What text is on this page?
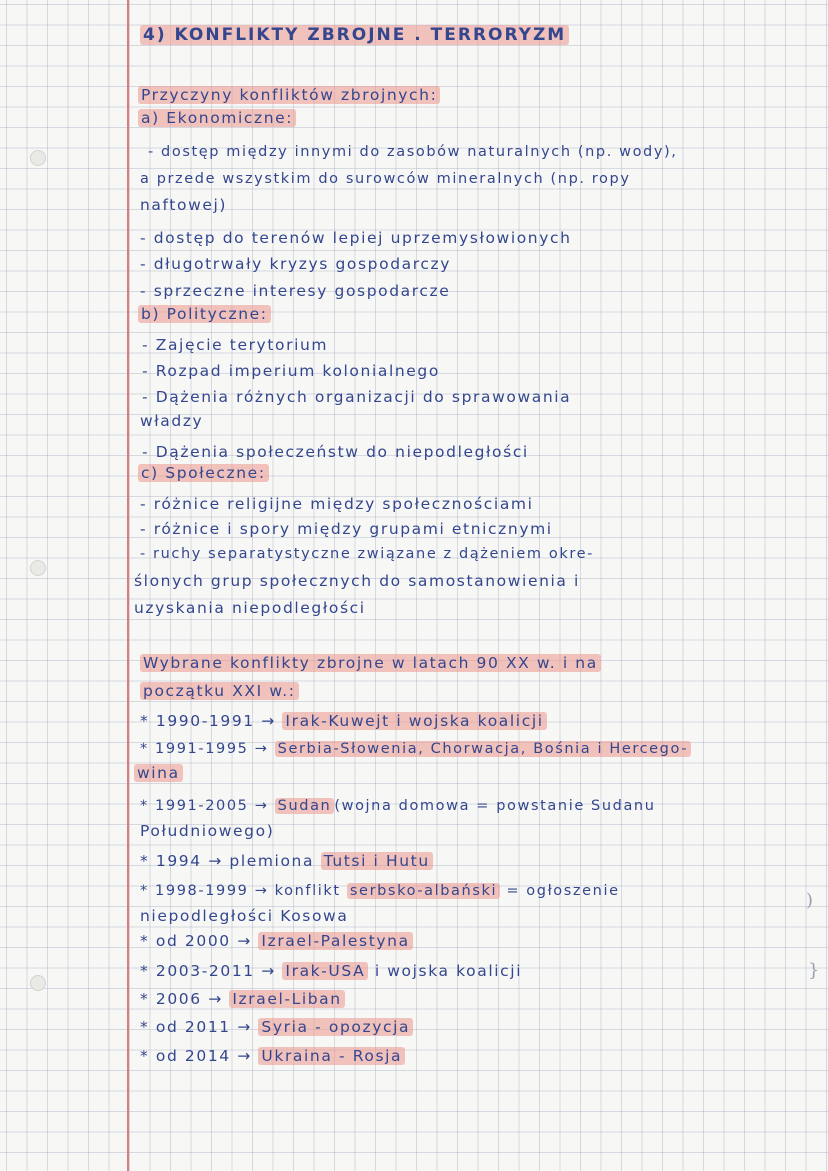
4) KONFLIKTY ZBROJNE . TERRORYZM
Przyczyny konfliktów zbrojnych:
a) Ekonomiczne:
- dostęp między innymi do zasobów naturalnych (np. wody),
a przede wszystkim do surowców mineralnych (np. ropy
naftowej)
- dostęp do terenów lepiej uprzemysłowionych
- długotrwały kryzys gospodarczy
- sprzeczne interesy gospodarcze
b) Polityczne:
- Zajęcie terytorium
- Rozpad imperium kolonialnego
- Dążenia różnych organizacji do sprawowania
władzy
- Dążenia społeczeństw do niepodległości
c) Społeczne:
- różnice religijne między społecznościami
- różnice i spory między grupami etnicznymi
- ruchy separatystyczne związane z dążeniem okre-
ślonych grup społecznych do samostanowienia i
uzyskania niepodległości
Wybrane konflikty zbrojne w latach 90 XX w. i na
początku XXI w.:
* 1990-1991 → Irak-Kuwejt i wojska koalicji
* 1991-1995 → Serbia-Słowenia, Chorwacja, Bośnia i Hercego-
wina
* 1991-2005 → Sudan (wojna domowa = powstanie Sudanu
Południowego)
* 1994 → plemiona Tutsi i Hutu
* 1998-1999 → konflikt serbsko-albański = ogłoszenie
niepodległości Kosowa
* od 2000 → Izrael-Palestyna
* 2003-2011 → Irak-USA i wojska koalicji
* 2006 → Izrael-Liban
* od 2011 → Syria - opozycja
* od 2014 → Ukraina - Rosja
)
}
